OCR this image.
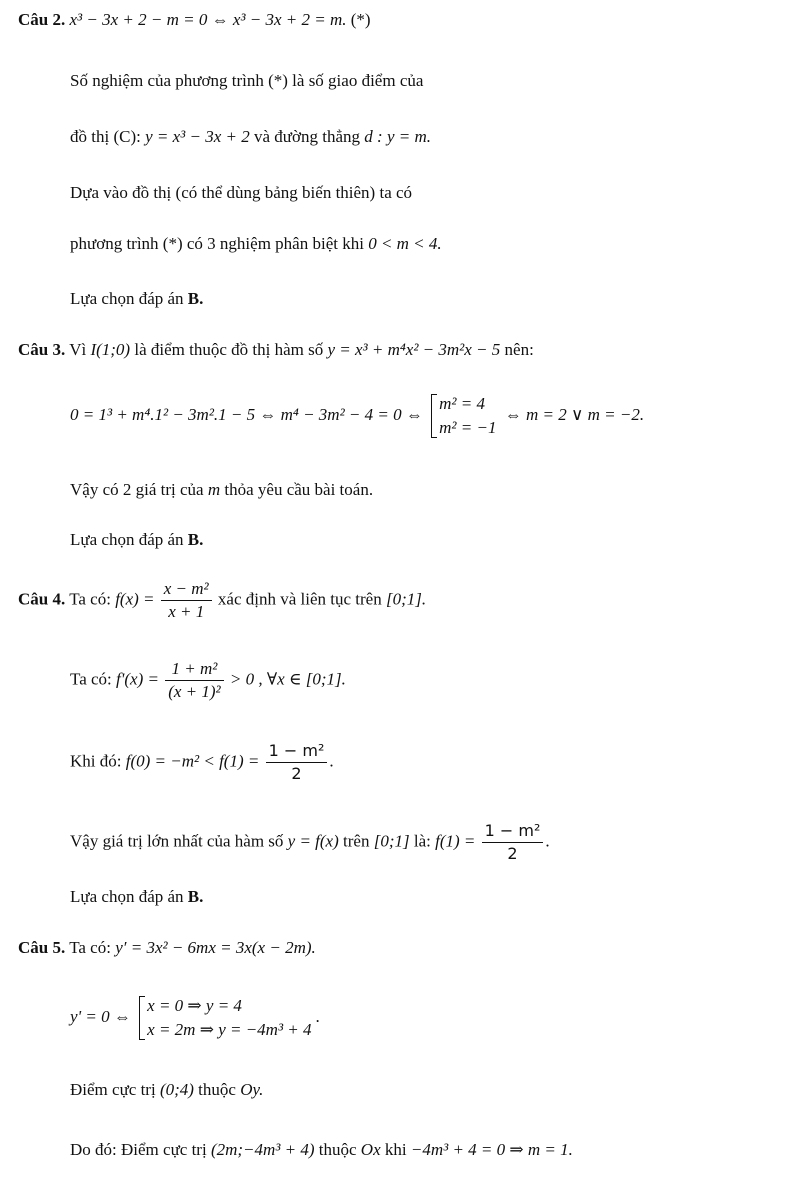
Câu 2. x³ − 3x + 2 − m = 0 ⇔ x³ − 3x + 2 = m. (*)
Số nghiệm của phương trình (*) là số giao điểm của
đồ thị (C): y = x³ − 3x + 2 và đường thẳng d : y = m.
Dựa vào đồ thị (có thể dùng bảng biến thiên) ta có
phương trình (*) có 3 nghiệm phân biệt khi 0 < m < 4.
Lựa chọn đáp án B.
Câu 3. Vì I(1;0) là điểm thuộc đồ thị hàm số y = x³ + m⁴x² − 3m²x − 5 nên:
0 = 1³ + m⁴.1² − 3m².1 − 5 ⇔ m⁴ − 3m² − 4 = 0 ⇔
m² = 4
m² = −1
⇔ m = 2 ∨ m = −2.
Vậy có 2 giá trị của m thỏa yêu cầu bài toán.
Lựa chọn đáp án B.
Câu 4. Ta có: $f(x) = \frac{\text{x − m²}}{x + 1}$ xác định và liên tục trên [0;1].
Ta có: $f'(x) = \frac{\text{1 + m²}}{\text{(x + 1)²}} > 0$ , ∀x ∈ [0;1].
Khi đó: $f(0) = -m^2 < f(1) = \frac{\text{1 − m²}}{2}$ .
Vậy giá trị lớn nhất của hàm số y = f(x) trên [0;1] là: $f(1) = \frac{\text{1 − m²}}{2}$ .
Lựa chọn đáp án B.
Câu 5. Ta có: y′ = 3x² − 6mx = 3x(x − 2m).
y' = 0 ⇔
x = 0 ⇒ y = 4
x = 2m ⇒ y = −4m³ + 4
.
Điểm cực trị (0;4) thuộc Oy.
Do đó: Điểm cực trị (2m;−4m³ + 4) thuộc Ox khi −4m³ + 4 = 0 ⇒ m = 1.
